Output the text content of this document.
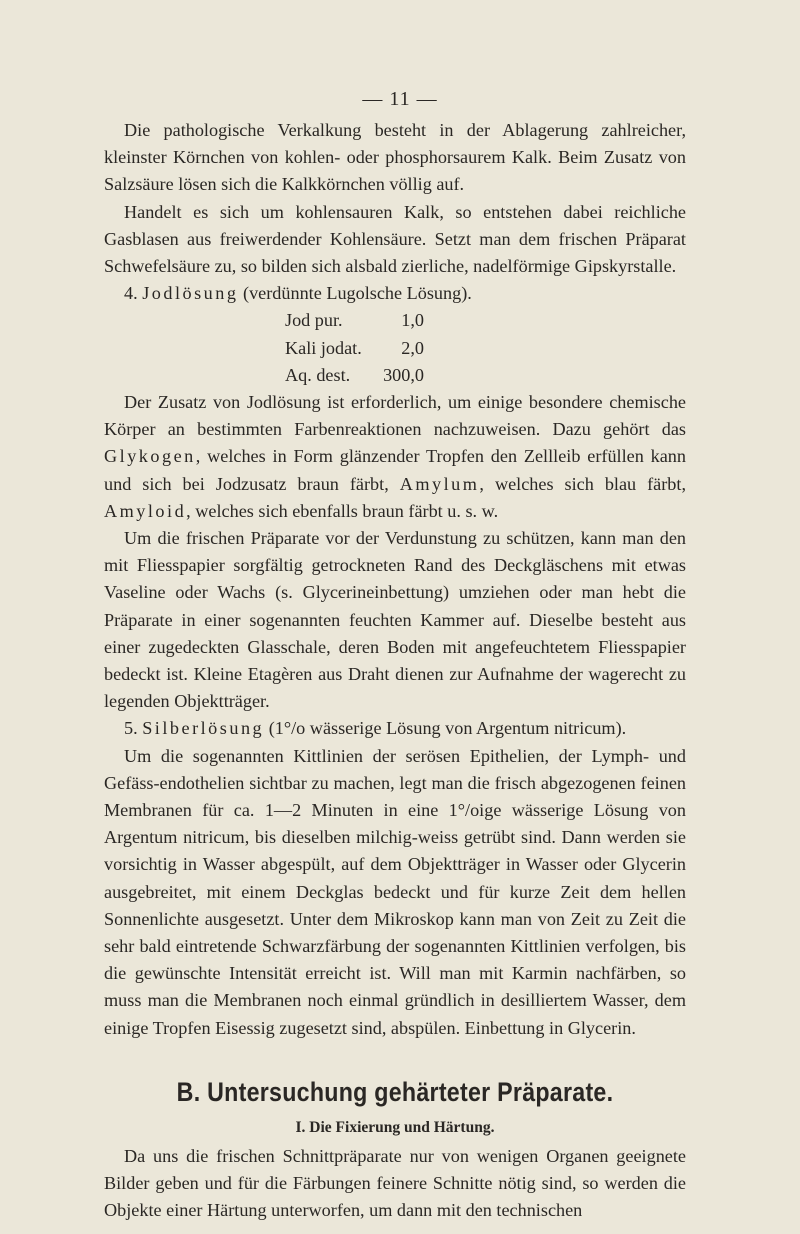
— 11 —

Die pathologische Verkalkung besteht in der Ablagerung zahlreicher, kleinster Körnchen von kohlen- oder phosphorsaurem Kalk. Beim Zusatz von Salzsäure lösen sich die Kalkkörnchen völlig auf.

Handelt es sich um kohlensauren Kalk, so entstehen dabei reichliche Gasblasen aus freiwerdender Kohlensäure. Setzt man dem frischen Präparat Schwefelsäure zu, so bilden sich alsbald zierliche, nadelförmige Gipskyrstalle.

4. Jodlösung (verdünnte Lugolsche Lösung).

Jod pur.	1,0
Kali jodat.	2,0
Aq. dest.	300,0

Der Zusatz von Jodlösung ist erforderlich, um einige besondere chemische Körper an bestimmten Farbenreaktionen nachzuweisen. Dazu gehört das Glykogen, welches in Form glänzender Tropfen den Zellleib erfüllen kann und sich bei Jodzusatz braun färbt, Amylum, welches sich blau färbt, Amyloid, welches sich ebenfalls braun färbt u. s. w.

Um die frischen Präparate vor der Verdunstung zu schützen, kann man den mit Fliesspapier sorgfältig getrockneten Rand des Deckgläschens mit etwas Vaseline oder Wachs (s. Glycerineinbettung) umziehen oder man hebt die Präparate in einer sogenannten feuchten Kammer auf. Dieselbe besteht aus einer zugedeckten Glasschale, deren Boden mit angefeuchtetem Fliesspapier bedeckt ist. Kleine Etagèren aus Draht dienen zur Aufnahme der wagerecht zu legenden Objektträger.

5. Silberlösung (1°/o wässerige Lösung von Argentum nitricum).

Um die sogenannten Kittlinien der serösen Epithelien, der Lymph- und Gefäss-endothelien sichtbar zu machen, legt man die frisch abgezogenen feinen Membranen für ca. 1—2 Minuten in eine 1°/oige wässerige Lösung von Argentum nitricum, bis dieselben milchig-weiss getrübt sind. Dann werden sie vorsichtig in Wasser abgespült, auf dem Objektträger in Wasser oder Glycerin ausgebreitet, mit einem Deckglas bedeckt und für kurze Zeit dem hellen Sonnenlichte ausgesetzt. Unter dem Mikroskop kann man von Zeit zu Zeit die sehr bald eintretende Schwarzfärbung der sogenannten Kittlinien verfolgen, bis die gewünschte Intensität erreicht ist. Will man mit Karmin nachfärben, so muss man die Membranen noch einmal gründlich in desilliertem Wasser, dem einige Tropfen Eisessig zugesetzt sind, abspülen. Einbettung in Glycerin.

B. Untersuchung gehärteter Präparate.
I. Die Fixierung und Härtung.

Da uns die frischen Schnittpräparate nur von wenigen Organen geeignete Bilder geben und für die Färbungen feinere Schnitte nötig sind, so werden die Objekte einer Härtung unterworfen, um dann mit den technischen
